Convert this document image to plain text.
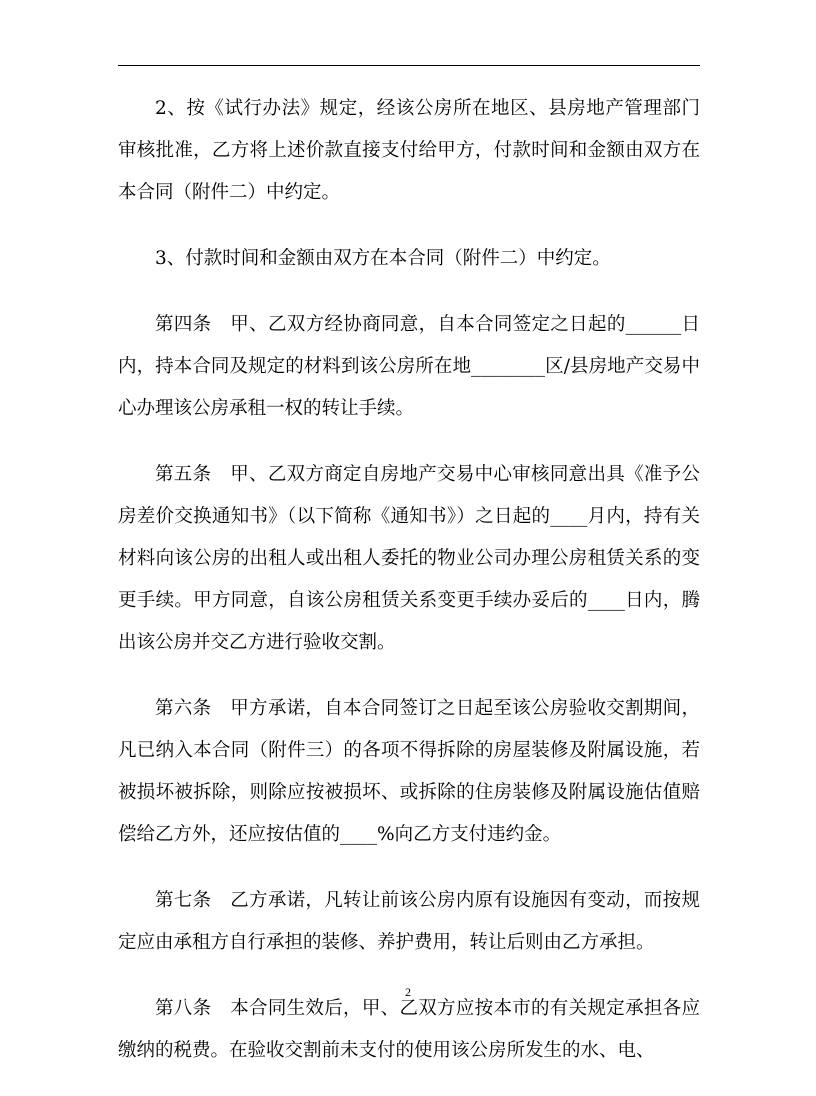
2、按《试行办法》规定，经该公房所在地区、县房地产管理部门审核批准，乙方将上述价款直接支付给甲方，付款时间和金额由双方在本合同（附件二）中约定。

3、付款时间和金额由双方在本合同（附件二）中约定。

第四条　甲、乙双方经协商同意，自本合同签定之日起的______日内，持本合同及规定的材料到该公房所在地________区/县房地产交易中心办理该公房承租一权的转让手续。

第五条　甲、乙双方商定自房地产交易中心审核同意出具《准予公房差价交换通知书》（以下简称《通知书》）之日起的____月内，持有关材料向该公房的出租人或出租人委托的物业公司办理公房租赁关系的变更手续。甲方同意，自该公房租赁关系变更手续办妥后的____日内，腾出该公房并交乙方进行验收交割。

第六条　甲方承诺，自本合同签订之日起至该公房验收交割期间，凡已纳入本合同（附件三）的各项不得拆除的房屋装修及附属设施，若被损坏被拆除，则除应按被损坏、或拆除的住房装修及附属设施估值赔偿给乙方外，还应按估值的____%向乙方支付违约金。

第七条　乙方承诺，凡转让前该公房内原有设施因有变动，而按规定应由承租方自行承担的装修、养护费用，转让后则由乙方承担。

第八条　本合同生效后，甲、乙双方应按本市的有关规定承担各应缴纳的税费。在验收交割前未支付的使用该公房所发生的水、电、

2
